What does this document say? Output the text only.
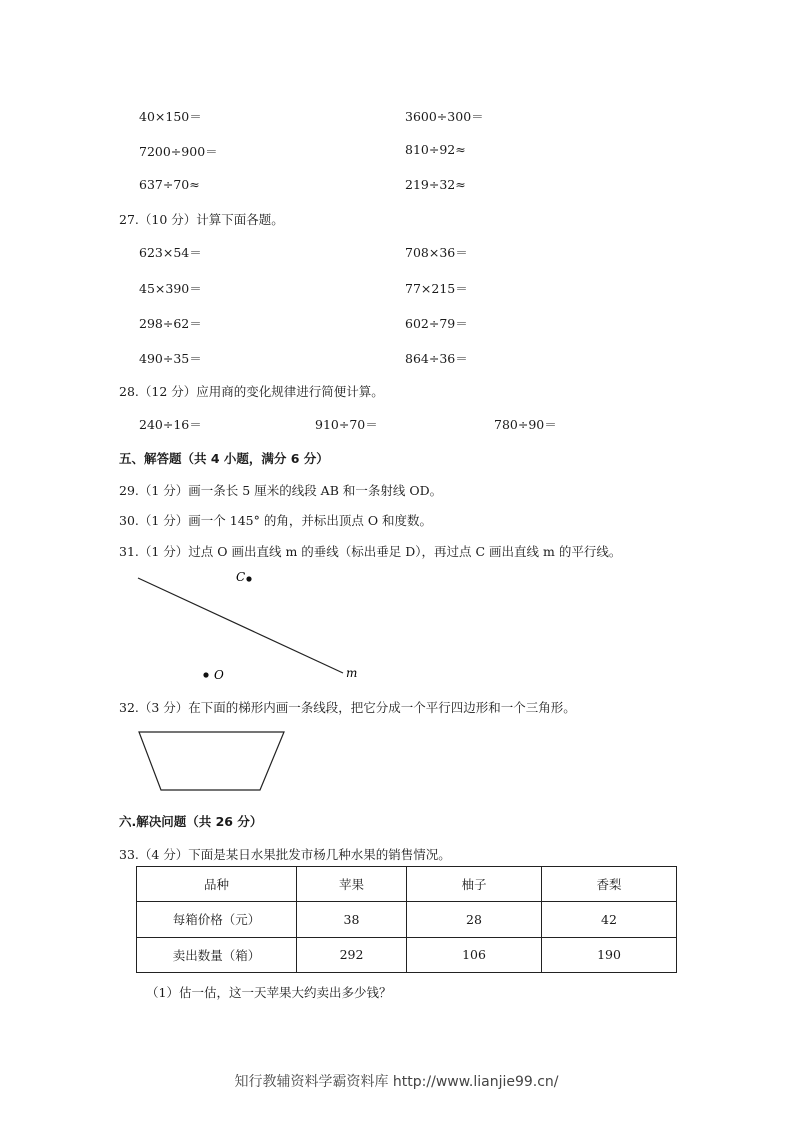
40×150＝	3600÷300＝
7200÷900＝	810÷92≈
637÷70≈	219÷32≈
27.（10 分）计算下面各题。
623×54＝	708×36＝
45×390＝	77×215＝
298÷62＝	602÷79＝
490÷35＝	864÷36＝
28.（12 分）应用商的变化规律进行简便计算。
240÷16＝	910÷70＝	780÷90＝
五、解答题（共 4 小题，满分 6 分）
29.（1 分）画一条长 5 厘米的线段 AB 和一条射线 OD。
30.（1 分）画一个 145° 的角，并标出顶点 O 和度数。
31.（1 分）过点 O 画出直线 m 的垂线（标出垂足 D），再过点 C 画出直线 m 的平行线。
C
O	m
32.（3 分）在下面的梯形内画一条线段，把它分成一个平行四边形和一个三角形。
六.解决问题（共 26 分）
33.（4 分）下面是某日水果批发市杨几种水果的销售情况。
品种	苹果	柚子	香梨
每箱价格（元）	38	28	42
卖出数量（箱）	292	106	190
（1）估一估，这一天苹果大约卖出多少钱？
知行教辅资料学霸资料库 http://www.lianjie99.cn/
